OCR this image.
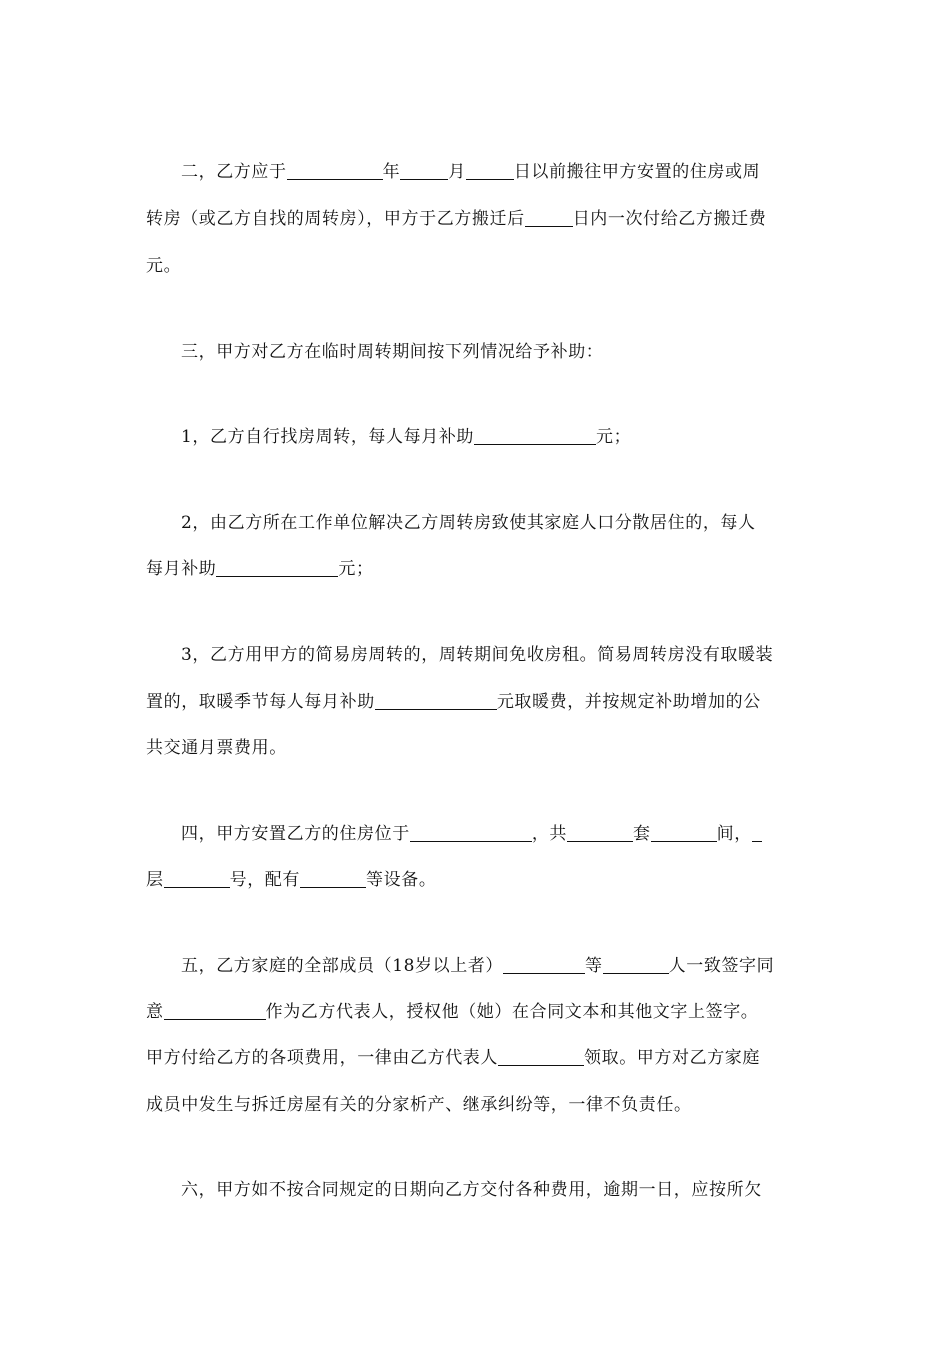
二，乙方应于	年	月	日以前搬往甲方安置的住房或周
转房（或乙方自找的周转房），甲方于乙方搬迁后	日内一次付给乙方搬迁费
元。
三，甲方对乙方在临时周转期间按下列情况给予补助：
1，乙方自行找房周转，每人每月补助	元；
2，由乙方所在工作单位解决乙方周转房致使其家庭人口分散居住的，每人
每月补助	元；
3，乙方用甲方的简易房周转的，周转期间免收房租。简易周转房没有取暖装
置的，取暖季节每人每月补助	元取暖费，并按规定补助增加的公
共交通月票费用。
四，甲方安置乙方的住房位于	，共	套	间，
层	号，配有	等设备。
五，乙方家庭的全部成员（18岁以上者）	等	人一致签字同
意	作为乙方代表人，授权他（她）在合同文本和其他文字上签字。
甲方付给乙方的各项费用，一律由乙方代表人	领取。甲方对乙方家庭
成员中发生与拆迁房屋有关的分家析产、继承纠纷等，一律不负责任。
六，甲方如不按合同规定的日期向乙方交付各种费用，逾期一日，应按所欠
